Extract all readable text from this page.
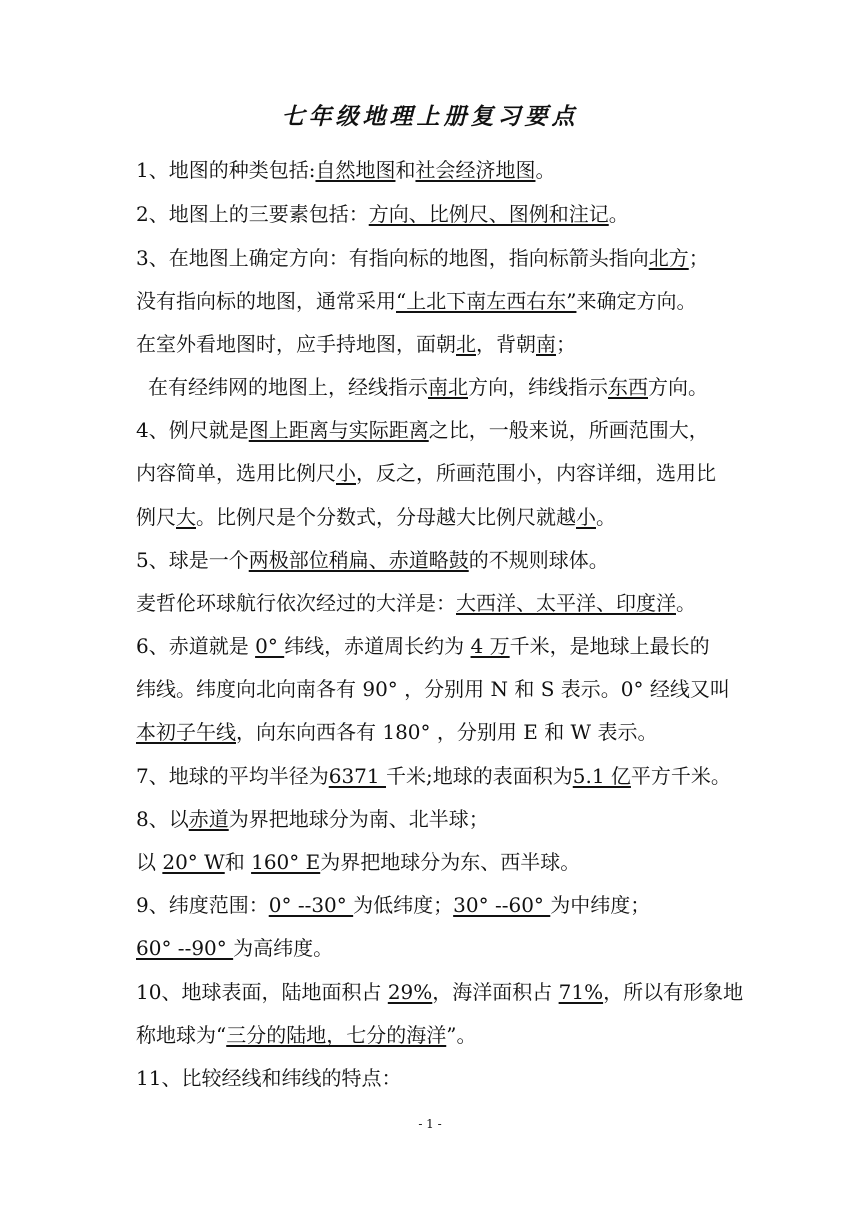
七年级地理上册复习要点
1、地图的种类包括:自然地图和社会经济地图。
2、地图上的三要素包括：方向、比例尺、图例和注记。
3、在地图上确定方向：有指向标的地图，指向标箭头指向北方；
没有指向标的地图，通常采用“上北下南左西右东”来确定方向。
在室外看地图时，应手持地图，面朝北，背朝南；
在有经纬网的地图上，经线指示南北方向，纬线指示东西方向。
4、例尺就是图上距离与实际距离之比，一般来说，所画范围大，
内容简单，选用比例尺小，反之，所画范围小，内容详细，选用比
例尺大。比例尺是个分数式，分母越大比例尺就越小。
5、球是一个两极部位稍扁、赤道略鼓的不规则球体。
麦哲伦环球航行依次经过的大洋是：大西洋、太平洋、印度洋。
6、赤道就是 0° 纬线，赤道周长约为 4 万千米，是地球上最长的
纬线。纬度向北向南各有 90° ，分别用 N 和 S 表示。0° 经线又叫
本初子午线，向东向西各有 180° ，分别用 E 和 W 表示。
7、地球的平均半径为6371 千米;地球的表面积为5.1 亿平方千米。
8、以赤道为界把地球分为南、北半球；
以 20° W和 160° E为界把地球分为东、西半球。
9、纬度范围：0° --30° 为低纬度；30° --60° 为中纬度；
60° --90° 为高纬度。
10、地球表面，陆地面积占 29%，海洋面积占 71%，所以有形象地
称地球为“三分的陆地，七分的海洋”。
11、比较经线和纬线的特点：
- 1 -
